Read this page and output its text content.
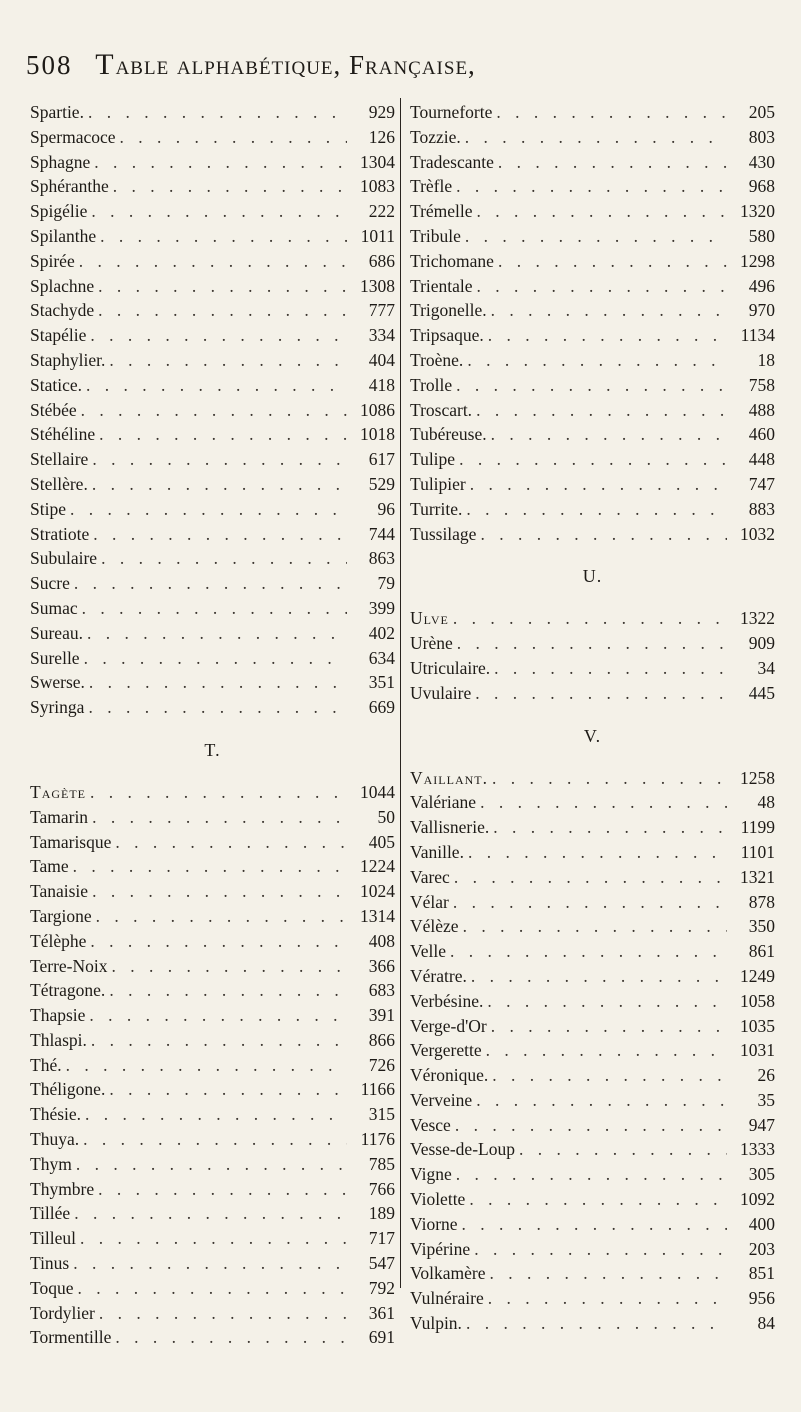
508 Table alphabétique, Française,
Spartie. . . .	929
Spermacoce . . .	126
Sphagne . . .	1304
Sphéranthe . . .	1083
Spigélie . . .	222
Spilanthe . . .	1011
Spirée . . .	686
Splachne . . .	1308
Stachyde . . .	777
Stapélie . . .	334
Staphylier. . . .	404
Statice. . . .	418
Stébée . . .	1086
Stéhéline . . .	1018
Stellaire . . .	617
Stellère. . . .	529
Stipe . . .	96
Stratiote . . .	744
Subulaire . . .	863
Sucre . . .	79
Sumac . . .	399
Sureau. . . .	402
Surelle . . .	634
Swerse. . . .	351
Syringa . . .	669
T.
Tagète . . .	1044
Tamarin . . .	50
Tamarisque . . .	405
Tame . . .	1224
Tanaisie . . .	1024
Targione . . .	1314
Télèphe . . .	408
Terre-Noix . . .	366
Tétragone. . . .	683
Thapsie . . .	391
Thlaspi. . . .	866
Thé. . . .	726
Théligone. . . .	1166
Thésie. . . .	315
Thuya. . . .	1176
Thym . . .	785
Thymbre . . .	766
Tillée . . .	189
Tilleul . . .	717
Tinus . . .	547
Toque . . .	792
Tordylier . . .	361
Tormentille . . .	691
Tourneforte . . .	205
Tozzie. . . .	803
Tradescante . . .	430
Trèfle . . .	968
Trémelle . . .	1320
Tribule . . .	580
Trichomane . . .	1298
Trientale . . .	496
Trigonelle. . . .	970
Tripsaque. . . .	1134
Troène. . . .	18
Trolle . . .	758
Troscart. . . .	488
Tubéreuse. . . .	460
Tulipe . . .	448
Tulipier . . .	747
Turrite. . . .	883
Tussilage . . .	1032
U.
Ulve . . .	1322
Urène . . .	909
Utriculaire. . . .	34
Uvulaire . . .	445
V.
Vaillant. . . .	1258
Valériane . . .	48
Vallisnerie. . . .	1199
Vanille. . . .	1101
Varec . . .	1321
Vélar . . .	878
Vélèze . . .	350
Velle . . .	861
Vératre. . . .	1249
Verbésine. . . .	1058
Verge-d'Or . . .	1035
Vergerette . . .	1031
Véronique. . . .	26
Verveine . . .	35
Vesce . . .	947
Vesse-de-Loup . . .	1333
Vigne . . .	305
Violette . . .	1092
Viorne . . .	400
Vipérine . . .	203
Volkamère . . .	851
Vulnéraire . . .	956
Vulpin. . . .	84
